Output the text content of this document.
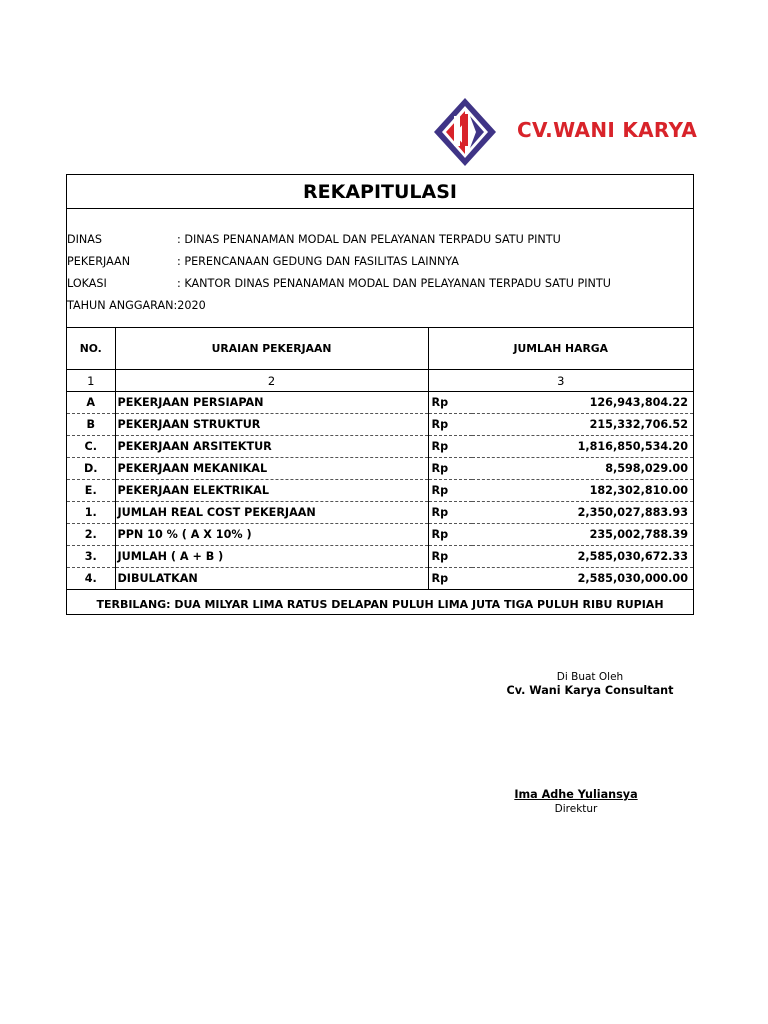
CV.WANI KARYA
REKAPITULASI
DINAS	: DINAS PENANAMAN MODAL DAN PELAYANAN TERPADU SATU PINTU
PEKERJAAN	: PERENCANAAN GEDUNG DAN FASILITAS LAINNYA
LOKASI	: KANTOR DINAS PENANAMAN MODAL DAN PELAYANAN TERPADU SATU PINTU
TAHUN ANGGARAN:2020
NO.	URAIAN PEKERJAAN	JUMLAH HARGA	
1	2	3	
A	PEKERJAAN PERSIAPAN	Rp	126,943,804.22
B	PEKERJAAN STRUKTUR	Rp	215,332,706.52
C.	PEKERJAAN ARSITEKTUR	Rp	1,816,850,534.20
D.	PEKERJAAN MEKANIKAL	Rp	8,598,029.00
E.	PEKERJAAN ELEKTRIKAL	Rp	182,302,810.00
1.	JUMLAH REAL COST PEKERJAAN	Rp	2,350,027,883.93
2.	PPN 10 % ( A X 10% )	Rp	235,002,788.39
3.	JUMLAH ( A + B )	Rp	2,585,030,672.33
4.	DIBULATKAN	Rp	2,585,030,000.00
TERBILANG: DUA MILYAR LIMA RATUS DELAPAN PULUH LIMA JUTA TIGA PULUH RIBU RUPIAH			
Di Buat Oleh
Cv. Wani Karya Consultant
Ima Adhe Yuliansya
Direktur
